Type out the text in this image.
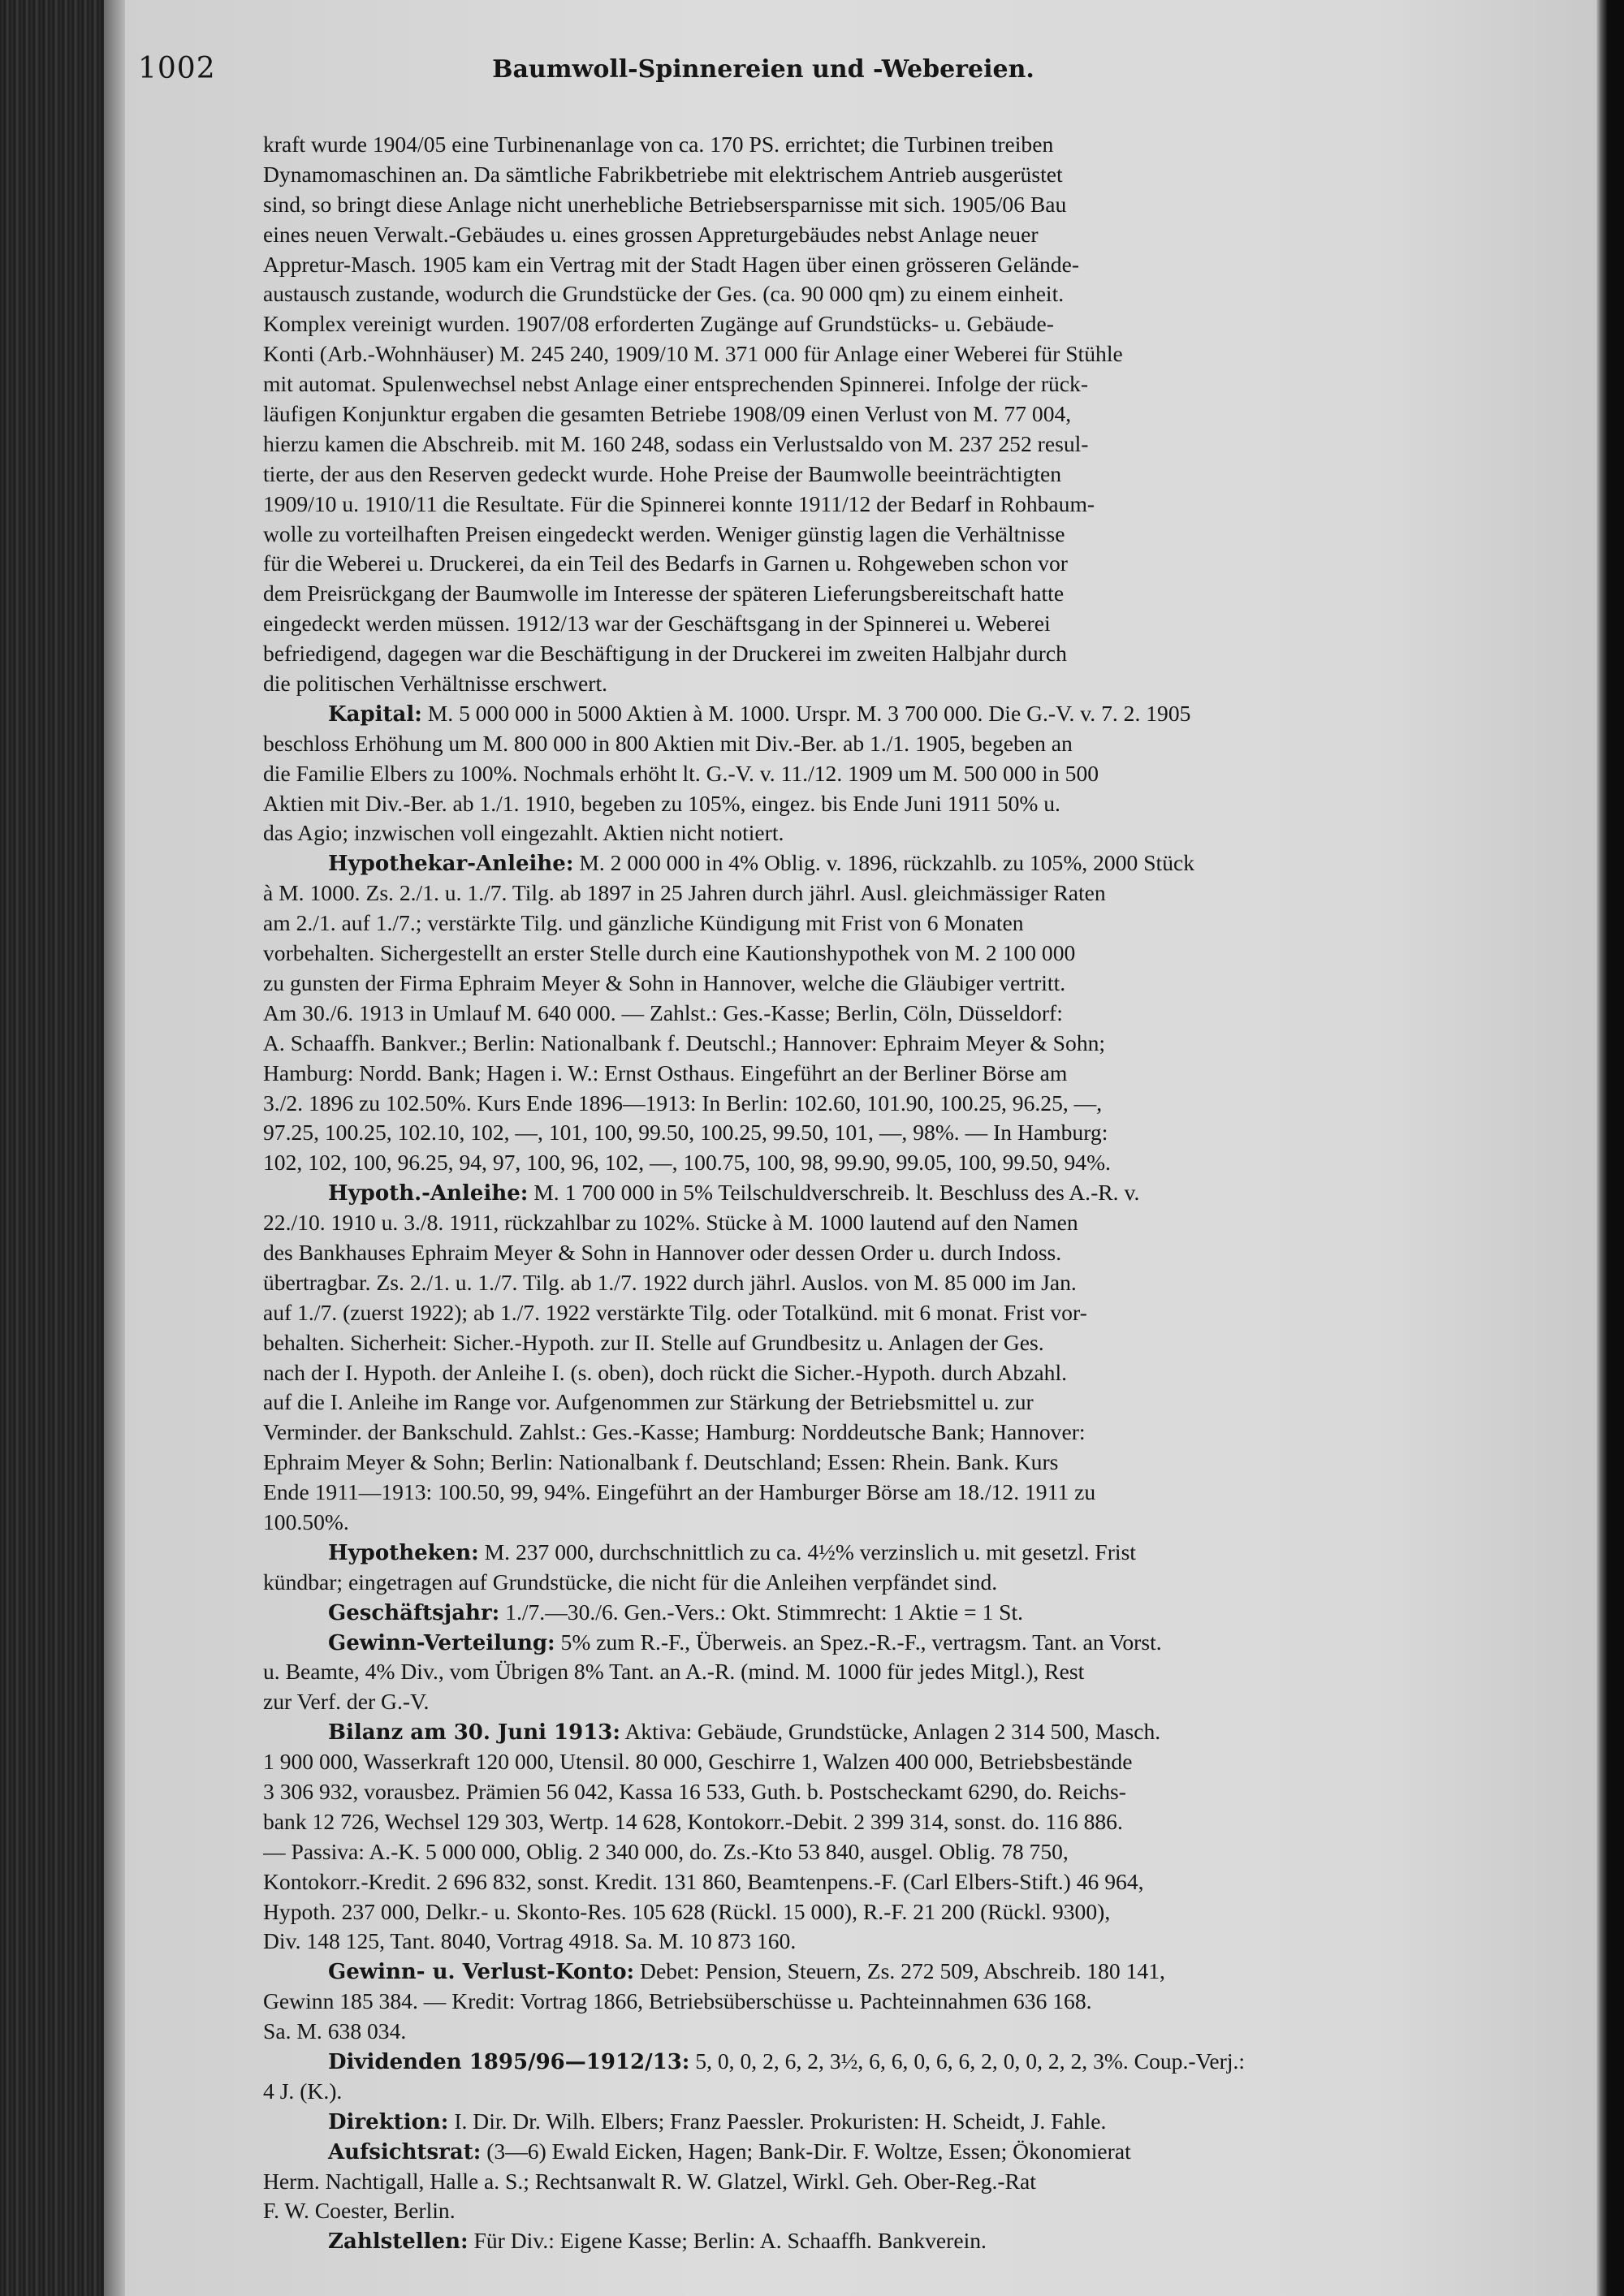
1002	Baumwoll-Spinnereien und -Webereien.
kraft wurde 1904/05 eine Turbinenanlage von ca. 170 PS. errichtet; die Turbinen treiben
Dynamomaschinen an. Da sämtliche Fabrikbetriebe mit elektrischem Antrieb ausgerüstet
sind, so bringt diese Anlage nicht unerhebliche Betriebsersparnisse mit sich. 1905/06 Bau
eines neuen Verwalt.-Gebäudes u. eines grossen Appreturgebäudes nebst Anlage neuer
Appretur-Masch. 1905 kam ein Vertrag mit der Stadt Hagen über einen grösseren Gelände-
austausch zustande, wodurch die Grundstücke der Ges. (ca. 90 000 qm) zu einem einheit.
Komplex vereinigt wurden. 1907/08 erforderten Zugänge auf Grundstücks- u. Gebäude-
Konti (Arb.-Wohnhäuser) M. 245 240, 1909/10 M. 371 000 für Anlage einer Weberei für Stühle
mit automat. Spulenwechsel nebst Anlage einer entsprechenden Spinnerei. Infolge der rück-
läufigen Konjunktur ergaben die gesamten Betriebe 1908/09 einen Verlust von M. 77 004,
hierzu kamen die Abschreib. mit M. 160 248, sodass ein Verlustsaldo von M. 237 252 resul-
tierte, der aus den Reserven gedeckt wurde. Hohe Preise der Baumwolle beeinträchtigten
1909/10 u. 1910/11 die Resultate. Für die Spinnerei konnte 1911/12 der Bedarf in Rohbaum-
wolle zu vorteilhaften Preisen eingedeckt werden. Weniger günstig lagen die Verhältnisse
für die Weberei u. Druckerei, da ein Teil des Bedarfs in Garnen u. Rohgeweben schon vor
dem Preisrückgang der Baumwolle im Interesse der späteren Lieferungsbereitschaft hatte
eingedeckt werden müssen. 1912/13 war der Geschäftsgang in der Spinnerei u. Weberei
befriedigend, dagegen war die Beschäftigung in der Druckerei im zweiten Halbjahr durch
die politischen Verhältnisse erschwert.
Kapital: M. 5 000 000 in 5000 Aktien à M. 1000. Urspr. M. 3 700 000. Die G.-V. v. 7. 2. 1905
beschloss Erhöhung um M. 800 000 in 800 Aktien mit Div.-Ber. ab 1./1. 1905, begeben an
die Familie Elbers zu 100%. Nochmals erhöht lt. G.-V. v. 11./12. 1909 um M. 500 000 in 500
Aktien mit Div.-Ber. ab 1./1. 1910, begeben zu 105%, eingez. bis Ende Juni 1911 50% u.
das Agio; inzwischen voll eingezahlt. Aktien nicht notiert.
Hypothekar-Anleihe: M. 2 000 000 in 4% Oblig. v. 1896, rückzahlb. zu 105%, 2000 Stück
à M. 1000. Zs. 2./1. u. 1./7. Tilg. ab 1897 in 25 Jahren durch jährl. Ausl. gleichmässiger Raten
am 2./1. auf 1./7.; verstärkte Tilg. und gänzliche Kündigung mit Frist von 6 Monaten
vorbehalten. Sichergestellt an erster Stelle durch eine Kautionshypothek von M. 2 100 000
zu gunsten der Firma Ephraim Meyer & Sohn in Hannover, welche die Gläubiger vertritt.
Am 30./6. 1913 in Umlauf M. 640 000. — Zahlst.: Ges.-Kasse; Berlin, Cöln, Düsseldorf:
A. Schaaffh. Bankver.; Berlin: Nationalbank f. Deutschl.; Hannover: Ephraim Meyer & Sohn;
Hamburg: Nordd. Bank; Hagen i. W.: Ernst Osthaus. Eingeführt an der Berliner Börse am
3./2. 1896 zu 102.50%. Kurs Ende 1896—1913: In Berlin: 102.60, 101.90, 100.25, 96.25, —,
97.25, 100.25, 102.10, 102, —, 101, 100, 99.50, 100.25, 99.50, 101, —, 98%. — In Hamburg:
102, 102, 100, 96.25, 94, 97, 100, 96, 102, —, 100.75, 100, 98, 99.90, 99.05, 100, 99.50, 94%.
Hypoth.-Anleihe: M. 1 700 000 in 5% Teilschuldverschreib. lt. Beschluss des A.-R. v.
22./10. 1910 u. 3./8. 1911, rückzahlbar zu 102%. Stücke à M. 1000 lautend auf den Namen
des Bankhauses Ephraim Meyer & Sohn in Hannover oder dessen Order u. durch Indoss.
übertragbar. Zs. 2./1. u. 1./7. Tilg. ab 1./7. 1922 durch jährl. Auslos. von M. 85 000 im Jan.
auf 1./7. (zuerst 1922); ab 1./7. 1922 verstärkte Tilg. oder Totalkünd. mit 6 monat. Frist vor-
behalten. Sicherheit: Sicher.-Hypoth. zur II. Stelle auf Grundbesitz u. Anlagen der Ges.
nach der I. Hypoth. der Anleihe I. (s. oben), doch rückt die Sicher.-Hypoth. durch Abzahl.
auf die I. Anleihe im Range vor. Aufgenommen zur Stärkung der Betriebsmittel u. zur
Verminder. der Bankschuld. Zahlst.: Ges.-Kasse; Hamburg: Norddeutsche Bank; Hannover:
Ephraim Meyer & Sohn; Berlin: Nationalbank f. Deutschland; Essen: Rhein. Bank. Kurs
Ende 1911—1913: 100.50, 99, 94%. Eingeführt an der Hamburger Börse am 18./12. 1911 zu
100.50%.
Hypotheken: M. 237 000, durchschnittlich zu ca. 4½% verzinslich u. mit gesetzl. Frist
kündbar; eingetragen auf Grundstücke, die nicht für die Anleihen verpfändet sind.
Geschäftsjahr: 1./7.—30./6. Gen.-Vers.: Okt. Stimmrecht: 1 Aktie = 1 St.
Gewinn-Verteilung: 5% zum R.-F., Überweis. an Spez.-R.-F., vertragsm. Tant. an Vorst.
u. Beamte, 4% Div., vom Übrigen 8% Tant. an A.-R. (mind. M. 1000 für jedes Mitgl.), Rest
zur Verf. der G.-V.
Bilanz am 30. Juni 1913: Aktiva: Gebäude, Grundstücke, Anlagen 2 314 500, Masch.
1 900 000, Wasserkraft 120 000, Utensil. 80 000, Geschirre 1, Walzen 400 000, Betriebsbestände
3 306 932, vorausbez. Prämien 56 042, Kassa 16 533, Guth. b. Postscheckamt 6290, do. Reichs-
bank 12 726, Wechsel 129 303, Wertp. 14 628, Kontokorr.-Debit. 2 399 314, sonst. do. 116 886.
— Passiva: A.-K. 5 000 000, Oblig. 2 340 000, do. Zs.-Kto 53 840, ausgel. Oblig. 78 750,
Kontokorr.-Kredit. 2 696 832, sonst. Kredit. 131 860, Beamtenpens.-F. (Carl Elbers-Stift.) 46 964,
Hypoth. 237 000, Delkr.- u. Skonto-Res. 105 628 (Rückl. 15 000), R.-F. 21 200 (Rückl. 9300),
Div. 148 125, Tant. 8040, Vortrag 4918. Sa. M. 10 873 160.
Gewinn- u. Verlust-Konto: Debet: Pension, Steuern, Zs. 272 509, Abschreib. 180 141,
Gewinn 185 384. — Kredit: Vortrag 1866, Betriebsüberschüsse u. Pachteinnahmen 636 168.
Sa. M. 638 034.
Dividenden 1895/96—1912/13: 5, 0, 0, 2, 6, 2, 3½, 6, 6, 0, 6, 6, 2, 0, 0, 2, 2, 3%. Coup.-Verj.:
4 J. (K.).
Direktion: I. Dir. Dr. Wilh. Elbers; Franz Paessler. Prokuristen: H. Scheidt, J. Fahle.
Aufsichtsrat: (3—6) Ewald Eicken, Hagen; Bank-Dir. F. Woltze, Essen; Ökonomierat
Herm. Nachtigall, Halle a. S.; Rechtsanwalt R. W. Glatzel, Wirkl. Geh. Ober-Reg.-Rat
F. W. Coester, Berlin.
Zahlstellen: Für Div.: Eigene Kasse; Berlin: A. Schaaffh. Bankverein.
